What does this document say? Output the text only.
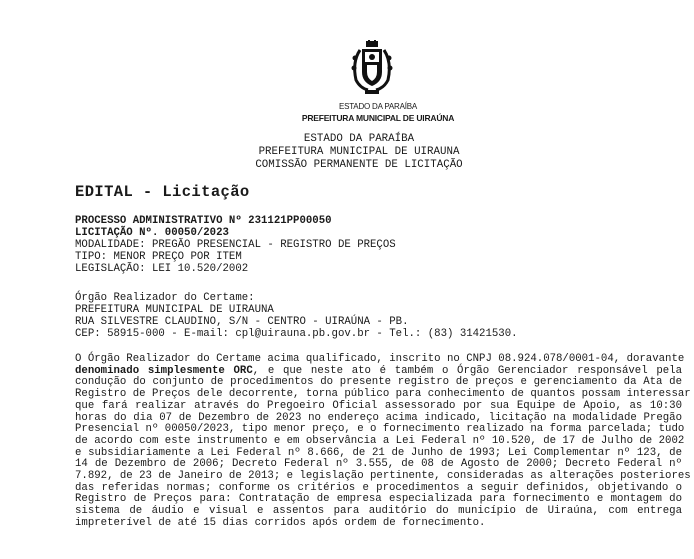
ESTADO DA PARAÍBA
PREFEITURA MUNICIPAL DE UIRAÚNA
ESTADO DA PARAÍBA
PREFEITURA MUNICIPAL DE UIRAUNA
COMISSÃO PERMANENTE DE LICITAÇÃO
EDITAL - Licitação
PROCESSO ADMINISTRATIVO Nº 231121PP00050
LICITAÇÃO Nº. 00050/2023
MODALIDADE: PREGÃO PRESENCIAL - REGISTRO DE PREÇOS
TIPO: MENOR PREÇO POR ITEM
LEGISLAÇÃO: LEI 10.520/2002
Órgão Realizador do Certame:
PREFEITURA MUNICIPAL DE UIRAUNA
RUA SILVESTRE CLAUDINO, S/N - CENTRO - UIRAÚNA - PB.
CEP: 58915-000 - E-mail: cpl@uirauna.pb.gov.br - Tel.: (83) 31421530.
O Órgão Realizador do Certame acima qualificado, inscrito no CNPJ 08.924.078/0001-04, doravante
denominado simplesmente ORC, e que neste ato é também o Órgão Gerenciador responsável pela
condução do conjunto de procedimentos do presente registro de preços e gerenciamento da Ata de
Registro de Preços dele decorrente, torna público para conhecimento de quantos possam interessar
que fará realizar através do Pregoeiro Oficial assessorado por sua Equipe de Apoio, as 10:30
horas do dia 07 de Dezembro de 2023 no endereço acima indicado, licitação na modalidade Pregão
Presencial nº 00050/2023, tipo menor preço, e o fornecimento realizado na forma parcelada; tudo
de acordo com este instrumento e em observância a Lei Federal nº 10.520, de 17 de Julho de 2002
e subsidiariamente a Lei Federal nº 8.666, de 21 de Junho de 1993; Lei Complementar nº 123, de
14 de Dezembro de 2006; Decreto Federal nº 3.555, de 08 de Agosto de 2000; Decreto Federal nº
7.892, de 23 de Janeiro de 2013; e legislação pertinente, consideradas as alterações posteriores
das referidas normas; conforme os critérios e procedimentos a seguir definidos, objetivando o
Registro de Preços para: Contratação de empresa especializada para fornecimento e montagem do
sistema de áudio e visual e assentos para auditório do município de Uiraúna, com entrega
impreterível de até 15 dias corridos após ordem de fornecimento.
